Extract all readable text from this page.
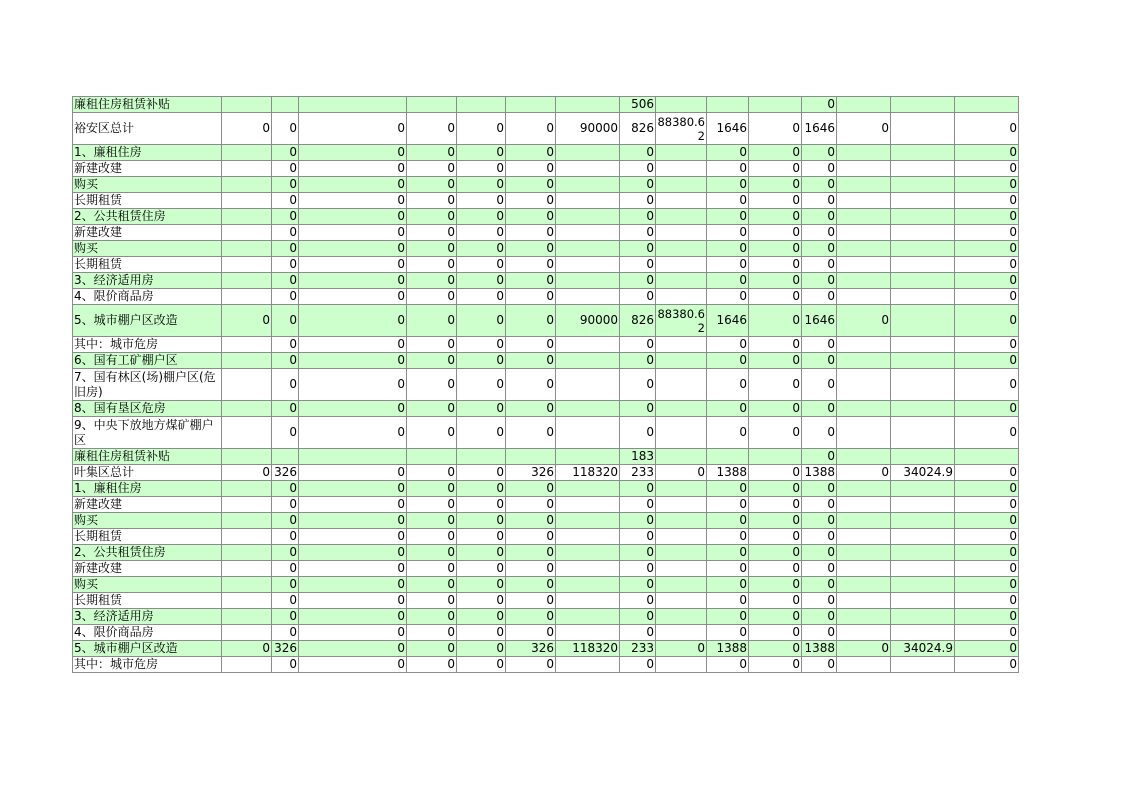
廉租住房租赁补贴								506				0			
裕安区总计	0	0	0	0	0	0	90000	826	88380.62	1646	0	1646	0		0
1、廉租住房		0	0	0	0	0		0		0	0	0			0
新建改建		0	0	0	0	0		0		0	0	0			0
购买		0	0	0	0	0		0		0	0	0			0
长期租赁		0	0	0	0	0		0		0	0	0			0
2、公共租赁住房		0	0	0	0	0		0		0	0	0			0
新建改建		0	0	0	0	0		0		0	0	0			0
购买		0	0	0	0	0		0		0	0	0			0
长期租赁		0	0	0	0	0		0		0	0	0			0
3、经济适用房		0	0	0	0	0		0		0	0	0			0
4、限价商品房		0	0	0	0	0		0		0	0	0			0
5、城市棚户区改造	0	0	0	0	0	0	90000	826	88380.62	1646	0	1646	0		0
其中：城市危房		0	0	0	0	0		0		0	0	0			0
6、国有工矿棚户区		0	0	0	0	0		0		0	0	0			0
7、国有林区(场)棚户区(危旧房)		0	0	0	0	0		0		0	0	0			0
8、国有垦区危房		0	0	0	0	0		0		0	0	0			0
9、中央下放地方煤矿棚户区		0	0	0	0	0		0		0	0	0			0
廉租住房租赁补贴								183				0			
叶集区总计	0	326	0	0	0	326	118320	233	0	1388	0	1388	0	34024.9	0
1、廉租住房		0	0	0	0	0		0		0	0	0			0
新建改建		0	0	0	0	0		0		0	0	0			0
购买		0	0	0	0	0		0		0	0	0			0
长期租赁		0	0	0	0	0		0		0	0	0			0
2、公共租赁住房		0	0	0	0	0		0		0	0	0			0
新建改建		0	0	0	0	0		0		0	0	0			0
购买		0	0	0	0	0		0		0	0	0			0
长期租赁		0	0	0	0	0		0		0	0	0			0
3、经济适用房		0	0	0	0	0		0		0	0	0			0
4、限价商品房		0	0	0	0	0		0		0	0	0			0
5、城市棚户区改造	0	326	0	0	0	326	118320	233	0	1388	0	1388	0	34024.9	0
其中：城市危房		0	0	0	0	0		0		0	0	0			0
